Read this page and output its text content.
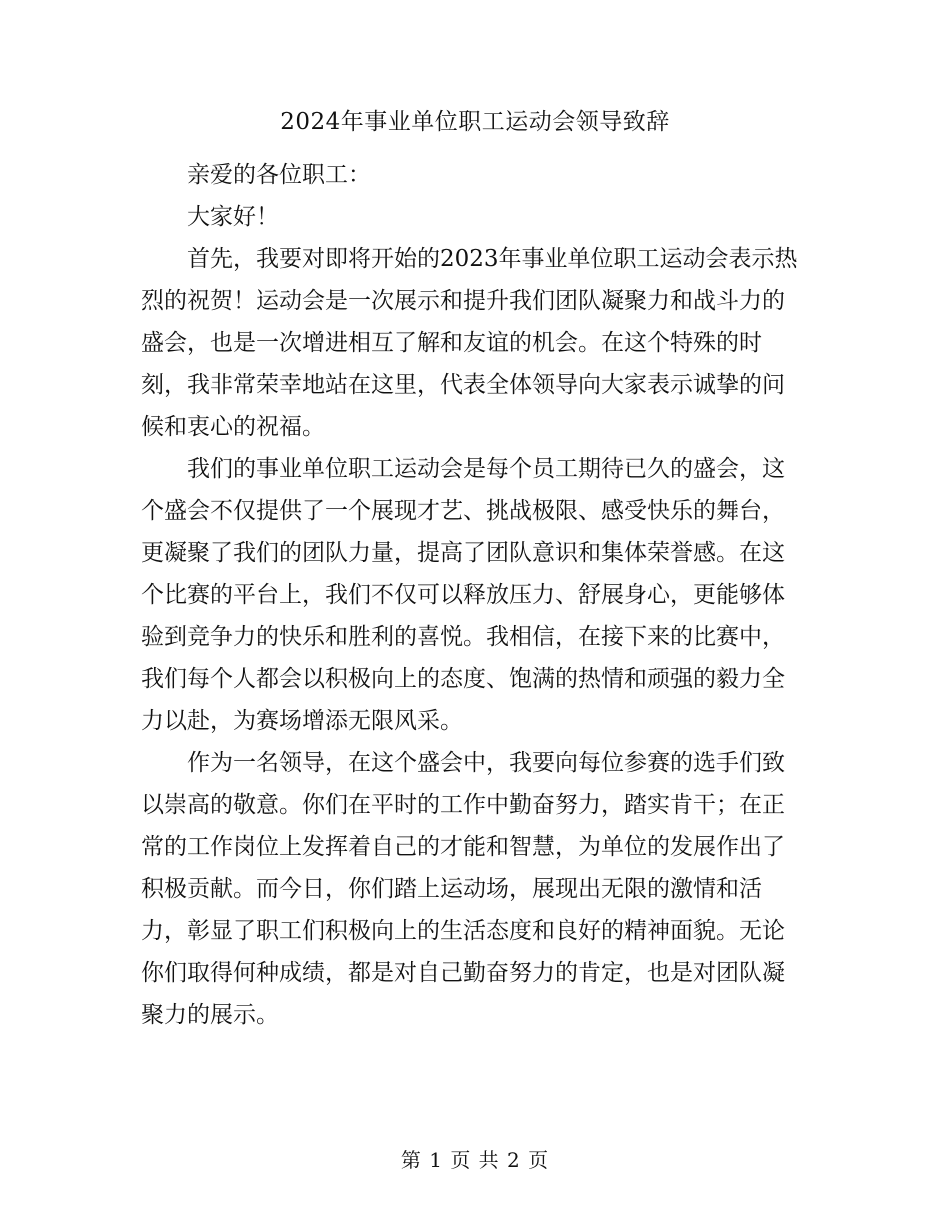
2024年事业单位职工运动会领导致辞

亲爱的各位职工：

大家好！

首先，我要对即将开始的2023年事业单位职工运动会表示热烈的祝贺！运动会是一次展示和提升我们团队凝聚力和战斗力的盛会，也是一次增进相互了解和友谊的机会。在这个特殊的时刻，我非常荣幸地站在这里，代表全体领导向大家表示诚挚的问候和衷心的祝福。

我们的事业单位职工运动会是每个员工期待已久的盛会，这个盛会不仅提供了一个展现才艺、挑战极限、感受快乐的舞台，更凝聚了我们的团队力量，提高了团队意识和集体荣誉感。在这个比赛的平台上，我们不仅可以释放压力、舒展身心，更能够体验到竞争力的快乐和胜利的喜悦。我相信，在接下来的比赛中，我们每个人都会以积极向上的态度、饱满的热情和顽强的毅力全力以赴，为赛场增添无限风采。

作为一名领导，在这个盛会中，我要向每位参赛的选手们致以崇高的敬意。你们在平时的工作中勤奋努力，踏实肯干；在正常的工作岗位上发挥着自己的才能和智慧，为单位的发展作出了积极贡献。而今日，你们踏上运动场，展现出无限的激情和活力，彰显了职工们积极向上的生活态度和良好的精神面貌。无论你们取得何种成绩，都是对自己勤奋努力的肯定，也是对团队凝聚力的展示。

第 1 页 共 2 页
